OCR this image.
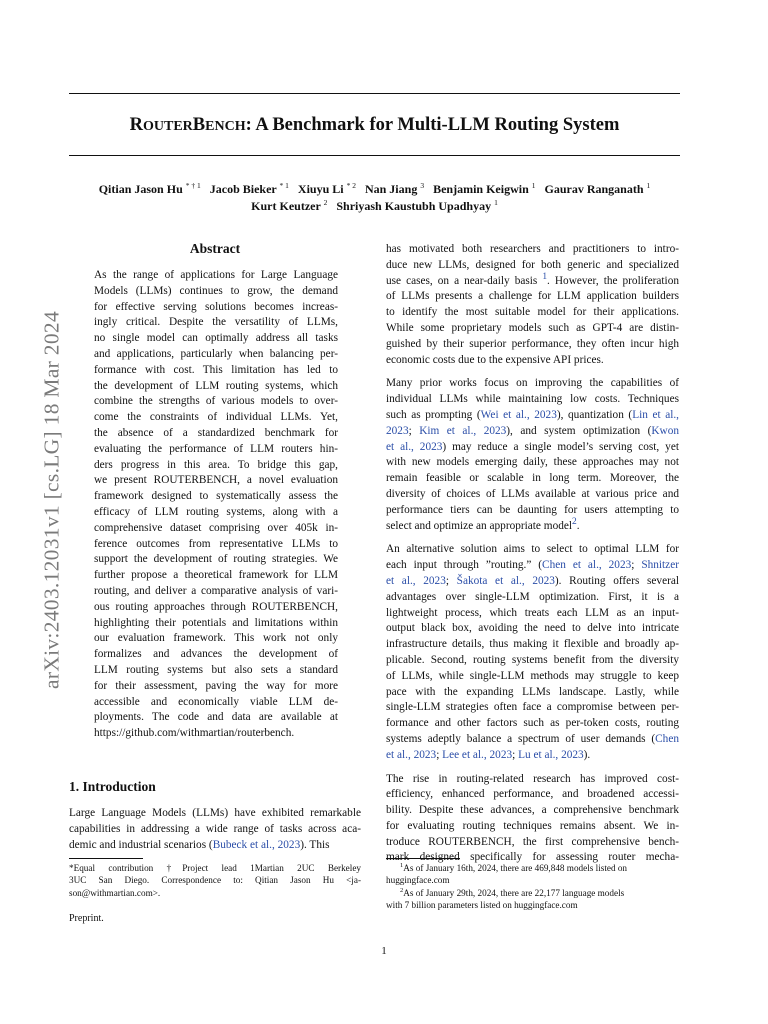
arXiv:2403.12031v1 [cs.LG] 18 Mar 2024
ROUTERBENCH: A Benchmark for Multi-LLM Routing System
Qitian Jason Hu $^{* \dagger 1}$ Jacob Bieker $^{* 1}$ Xiuyu Li $^{* 2}$ Nan Jiang $^3$ Benjamin Keigwin $^1$ Gaurav Ranganath $^1$
Kurt Keutzer $^2$ Shriyash Kaustubh Upadhyay $^1$
Abstract
As the range of applications for Large Language
Models (LLMs) continues to grow, the demand
for effective serving solutions becomes increas-
ingly critical. Despite the versatility of LLMs,
no single model can optimally address all tasks
and applications, particularly when balancing per-
formance with cost. This limitation has led to
the development of LLM routing systems, which
combine the strengths of various models to over-
come the constraints of individual LLMs. Yet,
the absence of a standardized benchmark for
evaluating the performance of LLM routers hin-
ders progress in this area. To bridge this gap,
we present ROUTERBENCH, a novel evaluation
framework designed to systematically assess the
efficacy of LLM routing systems, along with a
comprehensive dataset comprising over 405k in-
ference outcomes from representative LLMs to
support the development of routing strategies. We
further propose a theoretical framework for LLM
routing, and deliver a comparative analysis of vari-
ous routing approaches through ROUTERBENCH,
highlighting their potentials and limitations within
our evaluation framework. This work not only
formalizes and advances the development of
LLM routing systems but also sets a standard
for their assessment, paving the way for more
accessible and economically viable LLM de-
ployments. The code and data are available at
https://github.com/withmartian/routerbench.
1. Introduction
Large Language Models (LLMs) have exhibited remarkable
capabilities in addressing a wide range of tasks across aca-
demic and industrial scenarios (Bubeck et al., 2023). This
*Equal contribution †Project lead 1Martian 2UC Berkeley
3UC San Diego. Correspondence to: Qitian Jason Hu <ja-
son@withmartian.com>.
Preprint.
has motivated both researchers and practitioners to intro-
duce new LLMs, designed for both generic and specialized
use cases, on a near-daily basis $^1$. However, the proliferation
of LLMs presents a challenge for LLM application builders
to identify the most suitable model for their applications.
While some proprietary models such as GPT-4 are distin-
guished by their superior performance, they often incur high
economic costs due to the expensive API prices.
Many prior works focus on improving the capabilities of
individual LLMs while maintaining low costs. Techniques
such as prompting (Wei et al., 2023), quantization (Lin et al.,
2023; Kim et al., 2023), and system optimization (Kwon
et al., 2023) may reduce a single model’s serving cost, yet
with new models emerging daily, these approaches may not
remain feasible or scalable in long term. Moreover, the
diversity of choices of LLMs available at various price and
performance tiers can be daunting for users attempting to
select and optimize an appropriate model$^2$.
An alternative solution aims to select to optimal LLM for
each input through ”routing.” (Chen et al., 2023; Shnitzer
et al., 2023; Šakota et al., 2023). Routing offers several
advantages over single-LLM optimization. First, it is a
lightweight process, which treats each LLM as an input-
output black box, avoiding the need to delve into intricate
infrastructure details, thus making it flexible and broadly ap-
plicable. Second, routing systems benefit from the diversity
of LLMs, while single-LLM methods may struggle to keep
pace with the expanding LLMs landscape. Lastly, while
single-LLM strategies often face a compromise between per-
formance and other factors such as per-token costs, routing
systems adeptly balance a spectrum of user demands (Chen
et al., 2023; Lee et al., 2023; Lu et al., 2023).
The rise in routing-related research has improved cost-
efficiency, enhanced performance, and broadened accessi-
bility. Despite these advances, a comprehensive benchmark
for evaluating routing techniques remains absent. We in-
troduce ROUTERBENCH, the first comprehensive bench-
mark designed specifically for assessing router mecha-
$^1$As of January 16th, 2024, there are 469,848 models listed on
huggingface.com
$^2$As of January 29th, 2024, there are 22,177 language models
with 7 billion parameters listed on huggingface.com
1
